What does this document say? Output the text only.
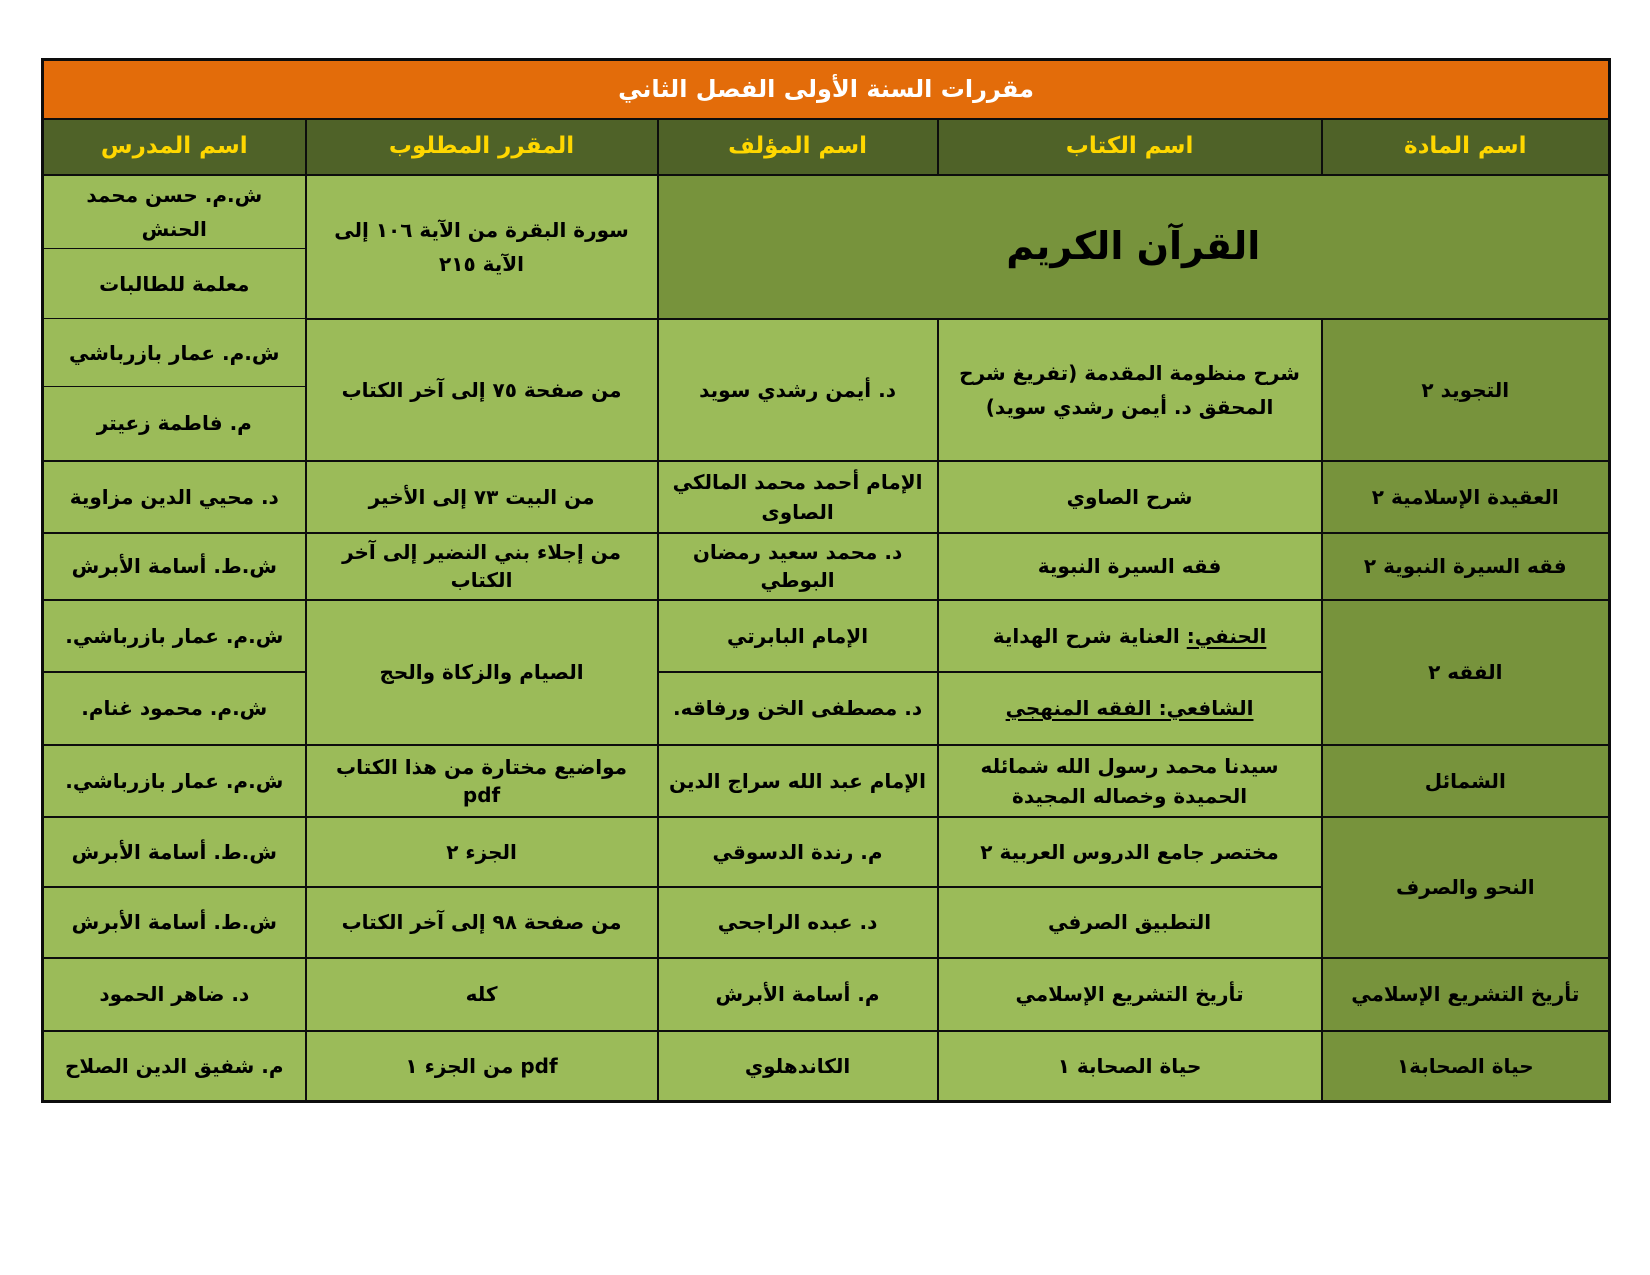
مقررات السنة الأولى الفصل الثاني				
اسم المادة	اسم الكتاب	اسم المؤلف	المقرر المطلوب	اسم المدرس
القرآن الكريم			سورة البقرة من الآية ١٠٦ إلى الآية ٢١٥	ش.م. حسن محمد الحنش
				معلمة للطالبات
التجويد ٢	شرح منظومة المقدمة (تفريغ شرح المحقق د. أيمن رشدي سويد)	د. أيمن رشدي سويد	من صفحة ٧٥ إلى آخر الكتاب	ش.م. عمار بازرباشي
				م. فاطمة زعيتر
العقيدة الإسلامية ٢	شرح الصاوي	الإمام أحمد محمد المالكي الصاوى	من البيت ٧٣ إلى الأخير	د. محيي الدين مزاوية
فقه السيرة النبوية ٢	فقه السيرة النبوية	د. محمد سعيد رمضان البوطي	من إجلاء بني النضير إلى آخر الكتاب	ش.ط. أسامة الأبرش
الفقه ٢	الحنفي: العناية شرح الهداية	الإمام البابرتي	الصيام والزكاة والحج	ش.م. عمار بازرباشي.
	الشافعي: الفقه المنهجي	د. مصطفى الخن ورفاقه.		ش.م. محمود غنام.
الشمائل	سيدنا محمد رسول الله شمائله الحميدة وخصاله المجيدة	الإمام عبد الله سراج الدين	مواضيع مختارة من هذا الكتاب pdf	ش.م. عمار بازرباشي.
النحو والصرف	مختصر جامع الدروس العربية ٢	م. رندة الدسوقي	الجزء ٢	ش.ط. أسامة الأبرش
	التطبيق الصرفي	د. عبده الراجحي	من صفحة ٩٨ إلى آخر الكتاب	ش.ط. أسامة الأبرش
تأريخ التشريع الإسلامي	تأريخ التشريع الإسلامي	م. أسامة الأبرش	كله	د. ضاهر الحمود
حياة الصحابة١	حياة الصحابة ١	الكاندهلوي	pdf من الجزء ١	م. شفيق الدين الصلاح
